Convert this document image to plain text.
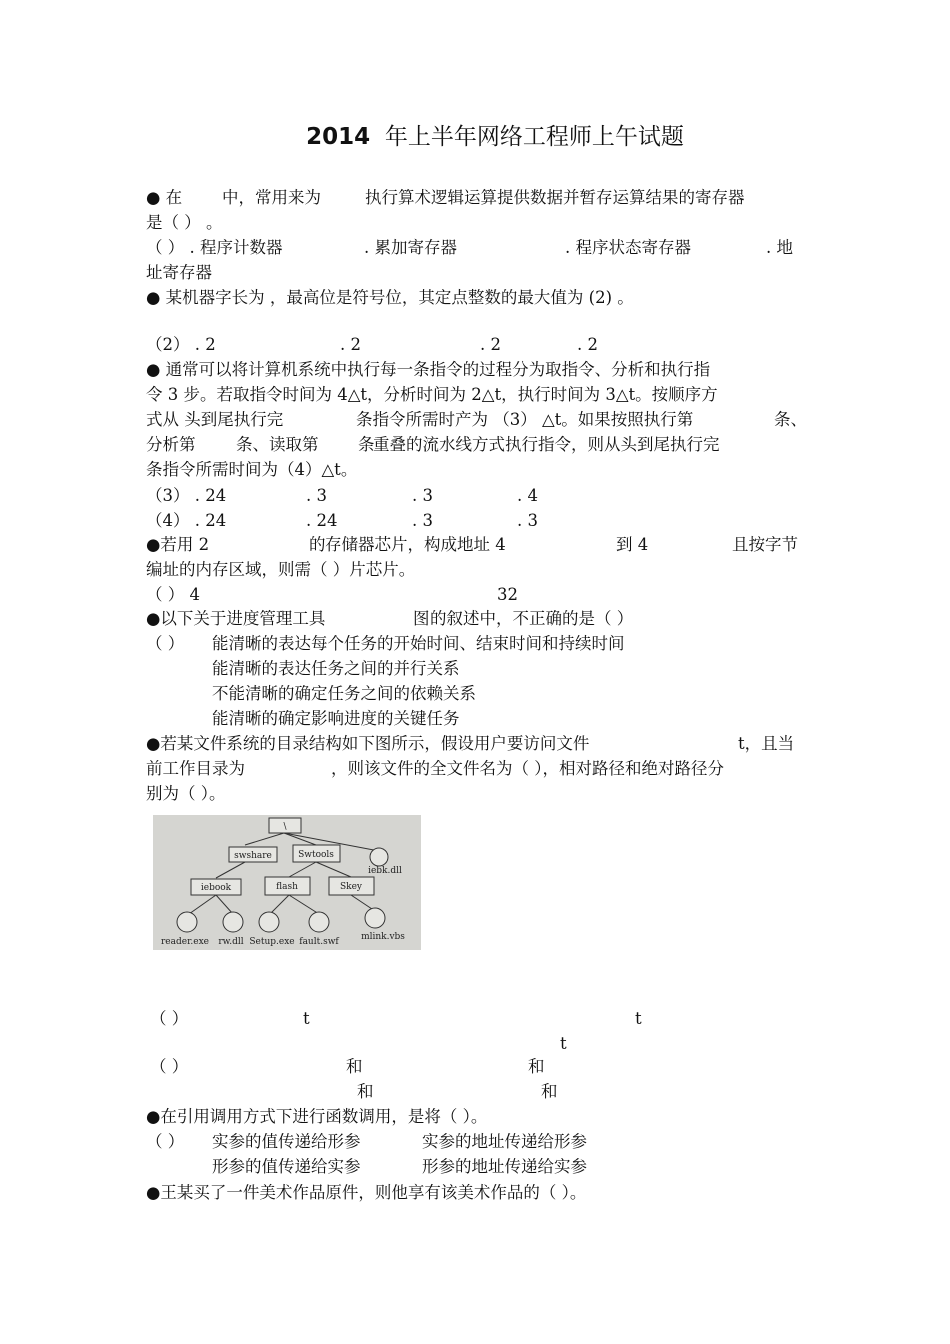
2014 年上半年网络工程师上午试题
● 在 中，常用来为	执行算术逻辑运算提供数据并暂存运算结果的寄存器
是（ ） 。
（ ） . 程序计数器	. 累加寄存器	. 程序状态寄存器	. 地
址寄存器
● 某机器字长为 ，最高位是符号位，其定点整数的最大值为 (2) 。
（2） . 2	. 2	. 2	. 2
● 通常可以将计算机系统中执行每一条指令的过程分为取指令、分析和执行指
令 3 步。若取指令时间为 4△t，分析时间为 2△t，执行时间为 3△t。按顺序方
式从 头到尾执行完	条指令所需时产为 （3） △t。如果按照执行第	条、
分析第 条、读取第 条
重叠的流水线方式执行指令，则从头到尾执行完
条指令所需时间为（4）△t。
（3） . 24	. 3	. 3	. 4
（4） . 24	. 24	. 3	. 3
●若用 2	的 存储器芯片，构成地址 4	到 4	且按字节
编址的内存区域，则需（ ）片芯片。
（ ） 4	32
●以下关于进度管理工具	图 的叙述中，不正确的是（ ）
（ ） 能清晰的表达每个任务的开始时间、结束时间和持续时间
能清晰的表达任务之间的并行关系
不能清晰的确定任务之间的依赖关系
能清晰的确定影响进度的关键任务
●若某文件系统的目录结构如下图所示，假设用户要访问文件	t，且当
前工作目录为	，则该文件的全文件名为（ ），相对路径和绝对路径分
别为（ ）。
\
swshare	Swtools
iebk.dll
iebook	flash	Skey
reader.exe rw.dll Setup.exe fault.swf mlink.vbs
（ ）	t	t
t
（ ）	和	和
和	和
●在引用调用方式下进行函数调用，是将（ ）。
（ ） 实参的值传递给形参	实参的地址传递给形参
形参的值传递给实参	形参的地址传递给实参
●王某买了一件美术作品原件，则他享有该美术作品的（ ）。
